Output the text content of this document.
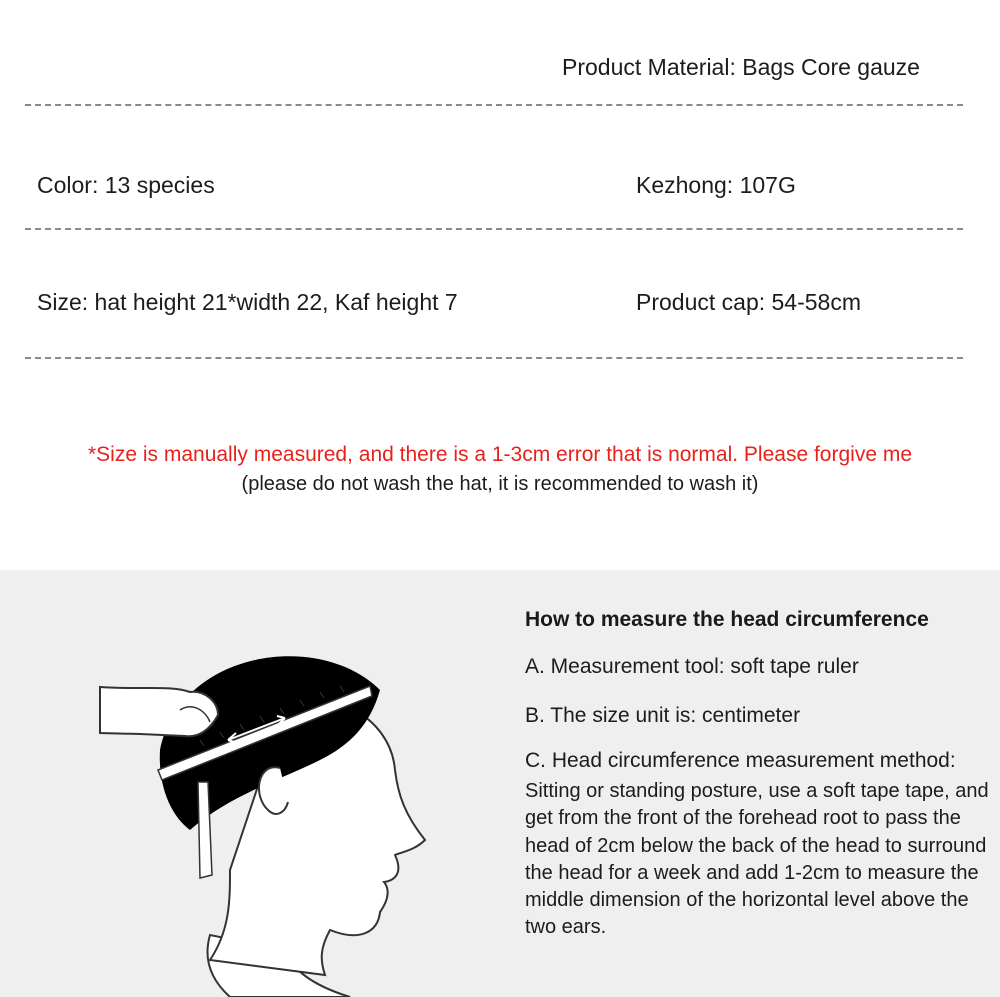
Product Material: Bags Core gauze
Color: 13 species	Kezhong: 107G
Size: hat height 21*width 22, Kaf height 7	Product cap: 54-58cm
*Size is manually measured, and there is a 1-3cm error that is normal. Please forgive me
(please do not wash the hat, it is recommended to wash it)
How to measure the head circumference
A. Measurement tool: soft tape ruler
B. The size unit is: centimeter
C. Head circumference measurement method:
Sitting or standing posture, use a soft tape tape, and get from the front of the forehead root to pass the head of 2cm below the back of the head to surround the head for a week and add 1-2cm to measure the middle dimension of the horizontal level above the two ears.
